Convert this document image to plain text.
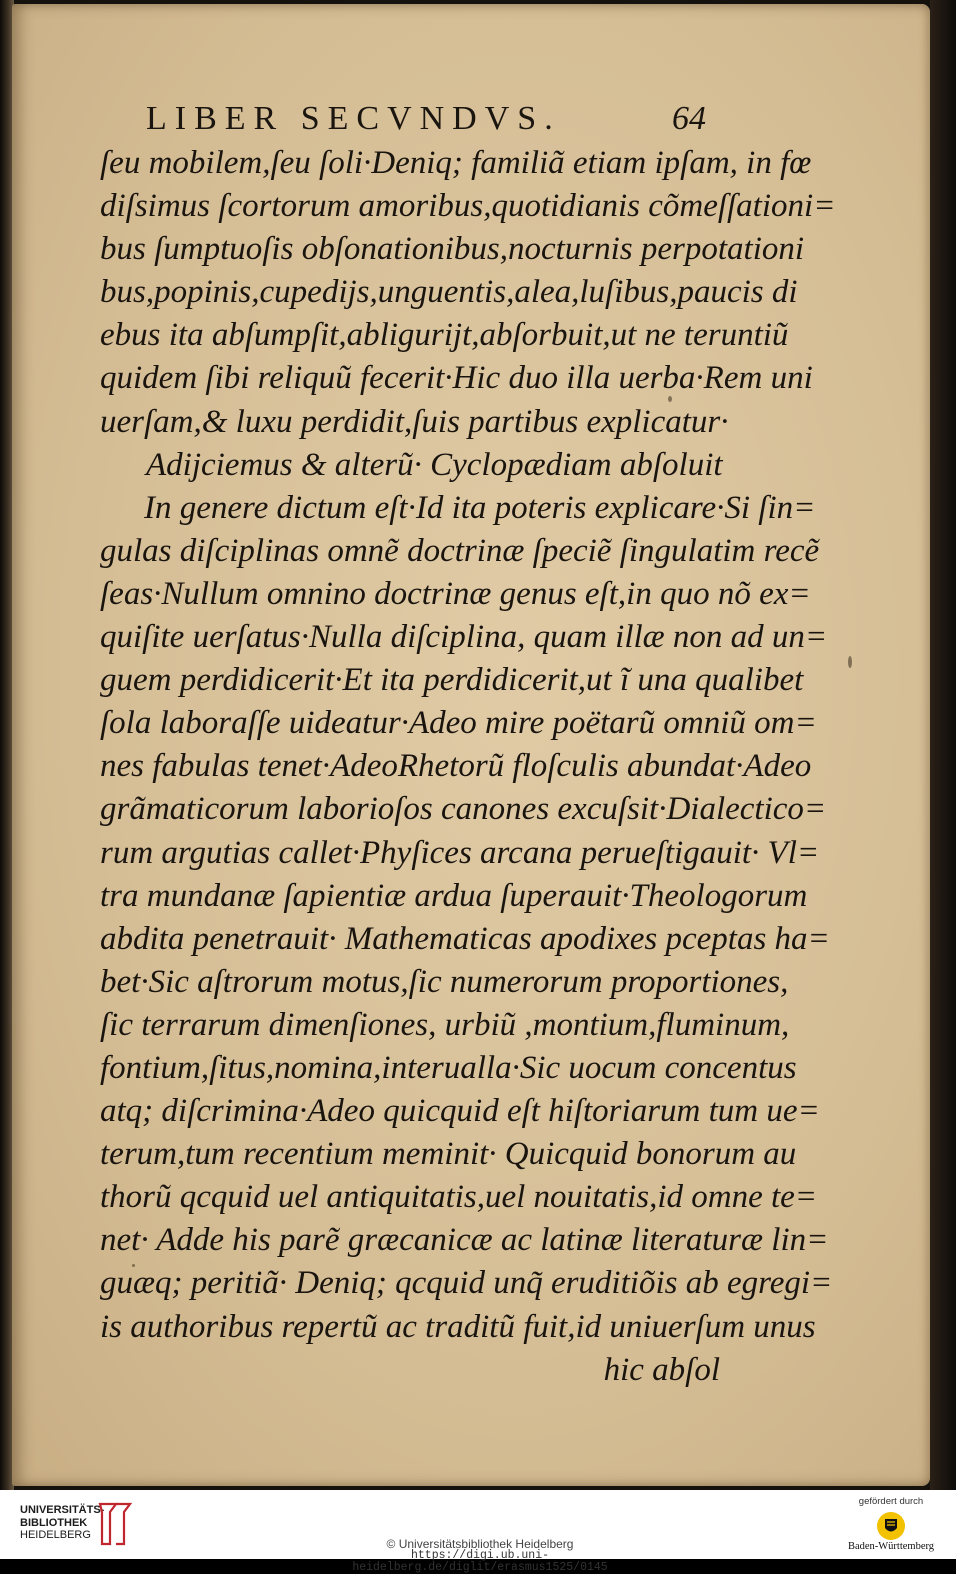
LIBER SECVNDVS.	64
ſeu mobilem,ſeu ſoli·Deniq; familiã etiam ipſam, in fœ
diſsimus ſcortorum amoribus,quotidianis cõmeſſationi=
bus ſumptuoſis obſonationibus,nocturnis perpotationi
bus,popinis,cupedijs,unguentis,alea,luſibus,paucis di
ebus ita abſumpſit,abligurijt,abſorbuit,ut ne teruntiũ
quidem ſibi reliquũ fecerit·Hic duo illa uerba·Rem uni
uerſam,& luxu perdidit,ſuis partibus explicatur·
Adijciemus & alterũ· Cyclopædiam abſoluit
In genere dictum eſt·Id ita poteris explicare·Si ſin=
gulas diſciplinas omnẽ doctrinæ ſpeciẽ ſingulatim recẽ
ſeas·Nullum omnino doctrinæ genus eſt,in quo nõ ex=
quiſite uerſatus·Nulla diſciplina, quam illæ non ad un=
guem perdidicerit·Et ita perdidicerit,ut ĩ una qualibet
ſola laboraſſe uideatur·Adeo mire poëtarũ omniũ om=
nes fabulas tenet·AdeoRhetorũ floſculis abundat·Adeo
grãmaticorum laborioſos canones excuſsit·Dialectico=
rum argutias callet·Phyſices arcana perueſtigauit· Vl=
tra mundanæ ſapientiæ ardua ſuperauit·Theologorum
abdita penetrauit· Mathematicas apodixes pceptas ha=
bet·Sic aſtrorum motus,ſic numerorum proportiones,
ſic terrarum dimenſiones, urbiũ ,montium,fluminum,
fontium,ſitus,nomina,interualla·Sic uocum concentus
atq; diſcrimina·Adeo quicquid eſt hiſtoriarum tum ue=
terum,tum recentium meminit· Quicquid bonorum au
thorũ qcquid uel antiquitatis,uel nouitatis,id omne te=
net· Adde his parẽ græcanicæ ac latinæ literaturæ lin=
guæq; peritiã· Deniq; qcquid unq̃ eruditiõis ab egregi=
is authoribus repertũ ac traditũ fuit,id uniuerſum unus
hic abſol
UNIVERSITÄTS-
BIBLIOTHEK
HEIDELBERG
© Universitätsbibliothek Heidelberg
https://digi.ub.uni-heidelberg.de/diglit/erasmus1525/0145
gefördert durch
Baden-Württemberg
